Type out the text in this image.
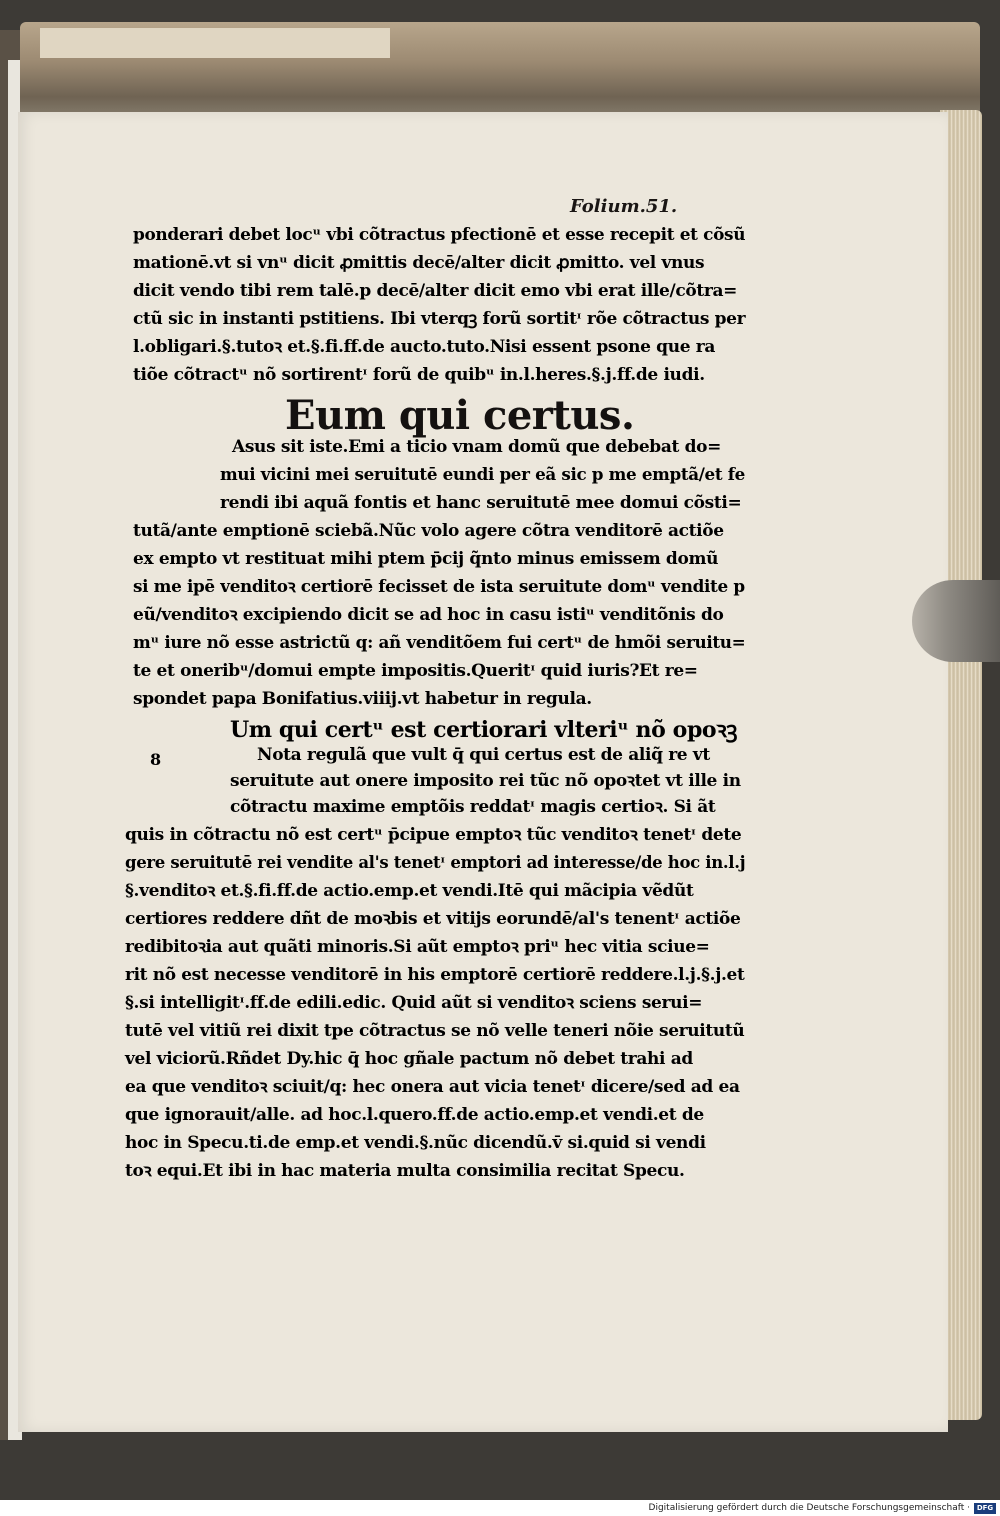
Folium.51.
ponderari debet locᵘ vbi cõtractus pfectionē et esse recepit et cõsũ
mationē.vt si vnᵘ dicit ꝓmittis decē/alter dicit ꝓmitto. vel vnus
dicit vendo tibi rem talē.p decē/alter dicit emo vbi erat ille/cõtra=
ctũ sic in instanti pstitiens. Ibi vterqꝫ forũ sortitᶦ rõe cõtractus per
l.obligari.§.tutoꝛ et.§.fi.ff.de aucto.tuto.Nisi essent psone que ra
tiõe cõtractᵘ nõ sortirentᶦ forũ de quibᵘ in.l.heres.§.j.ff.de iudi.
Eum qui certus.
Asus sit iste.Emi a ticio vnam domũ que debebat do=
mui vicini mei seruitutē eundi per eã sic p me emptã/et fe
rendi ibi aquã fontis et hanc seruitutē mee domui cõsti=
tutã/ante emptionē sciebã.Nũc volo agere cõtra venditorē actiõe
ex empto vt restituat mihi ptem p̄cij q̃nto minus emissem domũ
si me ipē venditoꝛ certiorē fecisset de ista seruitute domᵘ vendite p
eũ/venditoꝛ excipiendo dicit se ad hoc in casu istiᵘ venditõnis do
mᵘ iure nõ esse astrictũ q: añ venditõem fui certᵘ de hmõi seruitu=
te et oneribᵘ/domui empte impositis.Queritᶦ quid iuris?Et re=
spondet papa Bonifatius.viiij.vt habetur in regula.
Um qui certᵘ est certiorari vlteriᵘ nõ opoꝛꝫ
8	Nota regulã que vult q̄ qui certus est de aliq̃ re vt
seruitute aut onere imposito rei tũc nõ opoꝛtet vt ille in
cõtractu maxime emptõis reddatᶦ magis certioꝛ. Si ãt
quis in cõtractu nõ est certᵘ p̄cipue emptoꝛ tũc venditoꝛ tenetᶦ dete
gere seruitutē rei vendite al's tenetᶦ emptori ad interesse/de hoc in.l.j
§.venditoꝛ et.§.fi.ff.de actio.emp.et vendi.Itē qui mãcipia vẽdũt
certiores reddere dñt de moꝛbis et vitijs eorundē/al's tenentᶦ actiõe
redibitoꝛia aut quãti minoris.Si aũt emptoꝛ priᵘ hec vitia sciue=
rit nõ est necesse venditorē in his emptorē certiorē reddere.l.j.§.j.et
§.si intelligitᶦ.ff.de edili.edic. Quid aũt si venditoꝛ sciens serui=
tutē vel vitiũ rei dixit tpe cõtractus se nõ velle teneri nõie seruitutũ
vel viciorũ.Rñdet Dy.hic q̄ hoc gñale pactum nõ debet trahi ad
ea que venditoꝛ sciuit/q: hec onera aut vicia tenetᶦ dicere/sed ad ea
que ignorauit/alle. ad hoc.l.quero.ff.de actio.emp.et vendi.et de
hoc in Specu.ti.de emp.et vendi.§.nũc dicendũ.v̄ si.quid si vendi
toꝛ equi.Et ibi in hac materia multa consimilia recitat Specu.
Digitalisierung gefördert durch die Deutsche Forschungsgemeinschaft · DFG
